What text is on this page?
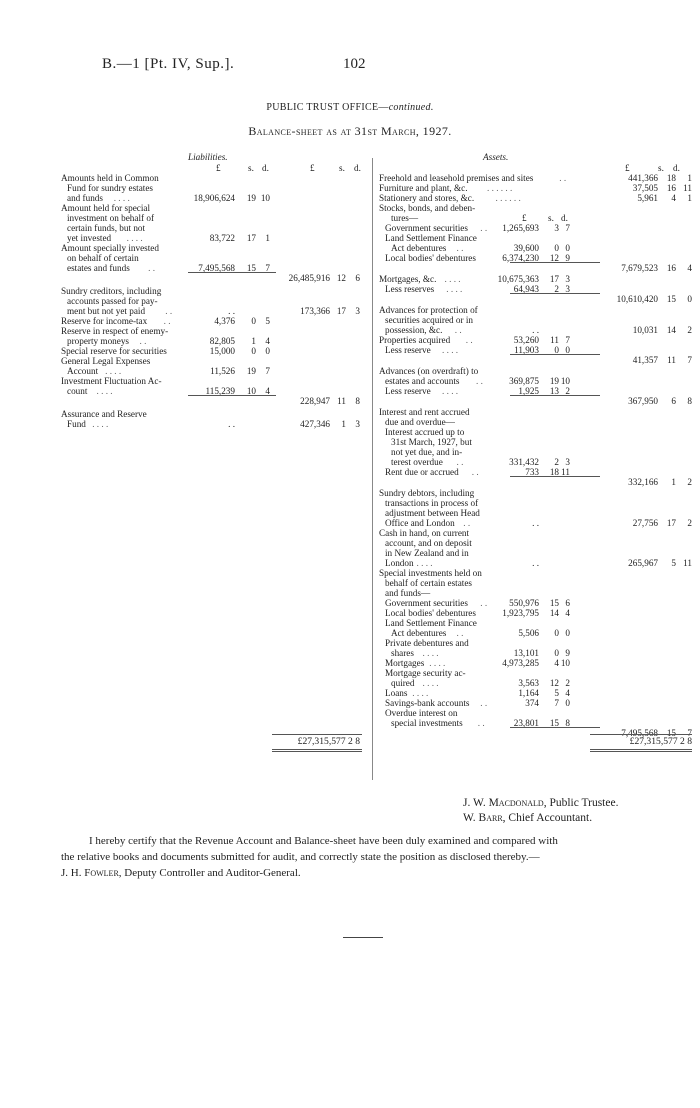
B.—1 [Pt. IV, Sup.].	102
PUBLIC TRUST OFFICE—continued.
Balance-sheet as at 31st March, 1927.
Liabilities.	Assets.
£	s. d.	£	s. d.
Amounts held in Common
Fund for sundry estates
and funds . . . .	18,906,624 19 10
Amount held for special
investment on behalf of
certain funds, but not
yet invested . . . .	83,722 17 1
Amount specially invested
on behalf of certain
estates and funds . .	7,495,568 15 7
26,485,916 12 6
Sundry creditors, including
accounts passed for pay-
ment but not yet paid . .	. .	173,366 17 3
Reserve for income-tax . .	4,376 0 5
Reserve in respect of enemy-
property moneys . .	82,805 1 4
Special reserve for securities	15,000 0 0
General Legal Expenses
Account . . . .	11,526 19 7
Investment Fluctuation Ac-
count . . . .	115,239 10 4
228,947 11 8
Assurance and Reserve
Fund . . . .	. .	427,346 1 3
£27,315,577 2 8
£	s. d.
Freehold and leasehold premises and sites	. .	441,366 18 1
Furniture and plant, &c. . . . . . .	37,505 16 11
Stationery and stores, &c. . . . . . .	5,961 4 1
Stocks, bonds, and deben-
tures—	£ s. d.
Government securities . . 1,265,693 3 7
Land Settlement Finance
Act debentures . .	39,600 0 0
Local bodies' debentures	6,374,230 12 9
7,679,523 16 4
Mortgages, &c. . . . .	10,675,363 17 3
Less reserves . . . .	64,943 2 3
10,610,420 15 0
Advances for protection of
securities acquired or in
possession, &c. . .	. .	10,031 14 2
Properties acquired . .	53,260 11 7
Less reserve . . . .	11,903 0 0
41,357 11 7
Advances (on overdraft) to
estates and accounts . .	369,875 19 10
Less reserve . . . .	1,925 13 2
367,950 6 8
Interest and rent accrued
due and overdue—
Interest accrued up to
31st March, 1927, but
not yet due, and in-
terest overdue . .	331,432 2 3
Rent due or accrued . .	733 18 11
332,166 1 2
Sundry debtors, including
transactions in process of
adjustment between Head
Office and London . .	. .	27,756 17 2
Cash in hand, on current
account, and on deposit
in New Zealand and in
London . . . .	. .	265,967 5 11
Special investments held on
behalf of certain estates
and funds—
Government securities . . 550,976 15 6
Local bodies' debentures	1,923,795 14 4
Land Settlement Finance
Act debentures . .	5,506 0 0
Private debentures and
shares . . . .	13,101 0 9
Mortgages . . . .	4,973,285 4 10
Mortgage security ac-
quired . . . .	3,563 12 2
Loans . . . .	1,164 5 4
Savings-bank accounts . .	374 7 0
Overdue interest on
special investments . .	23,801 15 8
7,495,568 15 7
£27,315,577 2 8
J. W. Macdonald, Public Trustee.
W. Barr, Chief Accountant.
I hereby certify that the Revenue Account and Balance-sheet have been duly examined and compared with
the relative books and documents submitted for audit, and correctly state the position as disclosed thereby.—
J. H. Fowler, Deputy Controller and Auditor-General.
